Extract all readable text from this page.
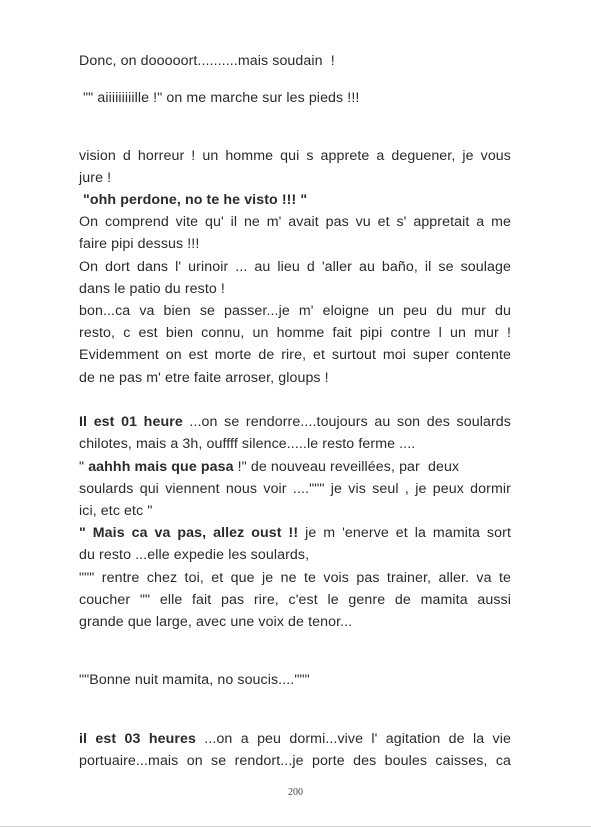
Donc, on dooooort..........mais soudain  !
"" aiiiiiiiiille !" on me marche sur les pieds !!!
vision d horreur ! un homme qui s apprete a deguener, je vous
jure !
"ohh perdone, no te he visto !!! "
On comprend vite qu' il ne m' avait pas vu et s' appretait a me
faire pipi dessus !!!
On dort dans l' urinoir ... au lieu d 'aller au baño, il se soulage
dans le patio du resto !
bon...ca va bien se passer...je m' eloigne un peu du mur du
resto, c est bien connu, un homme fait pipi contre l un mur !
Evidemment on est morte de rire, et surtout moi super contente
de ne pas m' etre faite arroser, gloups !
Il est 01 heure ...on se rendorre....toujours au son des soulards
chilotes, mais a 3h, ouffff silence.....le resto ferme ....
" aahhh mais que pasa !" de nouveau reveillées, par  deux
soulards qui viennent nous voir ....""" je vis seul , je peux dormir
ici, etc etc "
" Mais ca va pas, allez oust !! je m 'enerve et la mamita sort
du resto ...elle expedie les soulards,
""" rentre chez toi, et que je ne te vois pas trainer, aller. va te
coucher "" elle fait pas rire, c'est le genre de mamita aussi
grande que large, avec une voix de tenor...
""Bonne nuit mamita, no soucis...."""
il est 03 heures ...on a peu dormi...vive l' agitation de la vie
portuaire...mais on se rendort...je porte des boules caisses, ca
200
